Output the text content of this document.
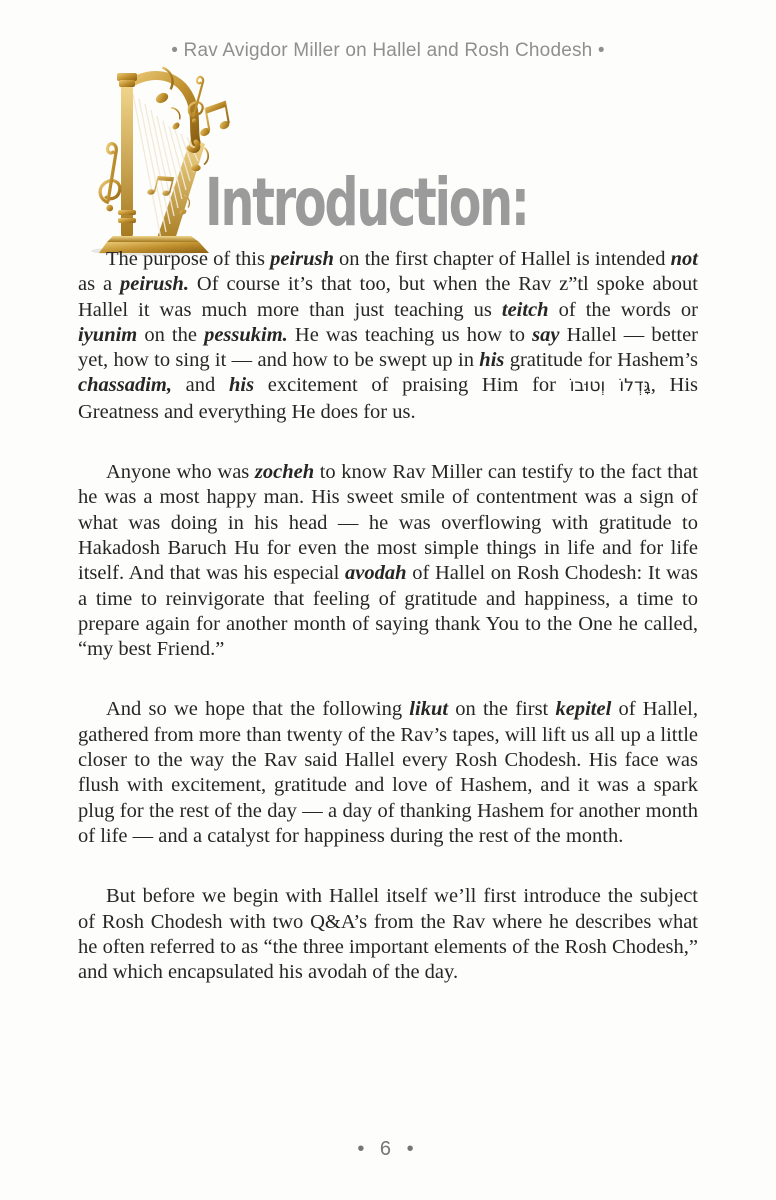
• Rav Avigdor Miller on Hallel and Rosh Chodesh •
Introduction:

The purpose of this peirush on the first chapter of Hallel is intended not as a peirush. Of course it’s that too, but when the Rav z”tl spoke about Hallel it was much more than just teaching us teitch of the words or iyunim on the pessukim. He was teaching us how to say Hallel — better yet, how to sing it — and how to be swept up in his gratitude for Hashem’s chassadim, and his excitement of praising Him for גָּדְלוֹ וְטוּבוֹ, His Greatness and everything He does for us.

Anyone who was zocheh to know Rav Miller can testify to the fact that he was a most happy man. His sweet smile of contentment was a sign of what was doing in his head — he was overflowing with gratitude to Hakadosh Baruch Hu for even the most simple things in life and for life itself. And that was his especial avodah of Hallel on Rosh Chodesh: It was a time to reinvigorate that feeling of gratitude and happiness, a time to prepare again for another month of saying thank You to the One he called, “my best Friend.”

And so we hope that the following likut on the first kepitel of Hallel, gathered from more than twenty of the Rav’s tapes, will lift us all up a little closer to the way the Rav said Hallel every Rosh Chodesh. His face was flush with excitement, gratitude and love of Hashem, and it was a spark plug for the rest of the day — a day of thanking Hashem for another month of life — and a catalyst for happiness during the rest of the month.

But before we begin with Hallel itself we’ll first introduce the subject of Rosh Chodesh with two Q&A’s from the Rav where he describes what he often referred to as “the three important elements of the Rosh Chodesh,” and which encapsulated his avodah of the day.

• 6 •
